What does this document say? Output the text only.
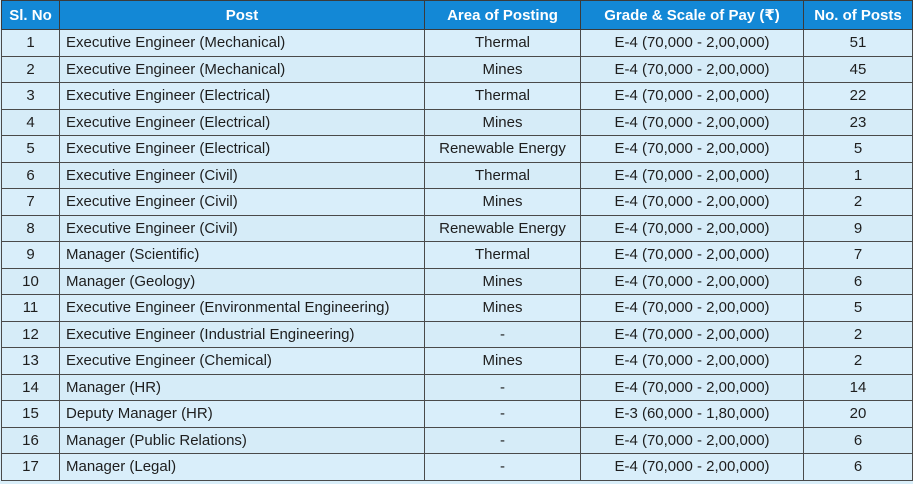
Sl. No	Post	Area of Posting	Grade & Scale of Pay (₹)	No. of Posts
1	Executive Engineer (Mechanical)	Thermal	E-4 (70,000 - 2,00,000)	51
2	Executive Engineer (Mechanical)	Mines	E-4 (70,000 - 2,00,000)	45
3	Executive Engineer (Electrical)	Thermal	E-4 (70,000 - 2,00,000)	22
4	Executive Engineer (Electrical)	Mines	E-4 (70,000 - 2,00,000)	23
5	Executive Engineer (Electrical)	Renewable Energy	E-4 (70,000 - 2,00,000)	5
6	Executive Engineer (Civil)	Thermal	E-4 (70,000 - 2,00,000)	1
7	Executive Engineer (Civil)	Mines	E-4 (70,000 - 2,00,000)	2
8	Executive Engineer (Civil)	Renewable Energy	E-4 (70,000 - 2,00,000)	9
9	Manager (Scientific)	Thermal	E-4 (70,000 - 2,00,000)	7
10	Manager (Geology)	Mines	E-4 (70,000 - 2,00,000)	6
11	Executive Engineer (Environmental Engineering)	Mines	E-4 (70,000 - 2,00,000)	5
12	Executive Engineer (Industrial Engineering)	-	E-4 (70,000 - 2,00,000)	2
13	Executive Engineer (Chemical)	Mines	E-4 (70,000 - 2,00,000)	2
14	Manager (HR)	-	E-4 (70,000 - 2,00,000)	14
15	Deputy Manager (HR)	-	E-3 (60,000 - 1,80,000)	20
16	Manager (Public Relations)	-	E-4 (70,000 - 2,00,000)	6
17	Manager (Legal)	-	E-4 (70,000 - 2,00,000)	6
